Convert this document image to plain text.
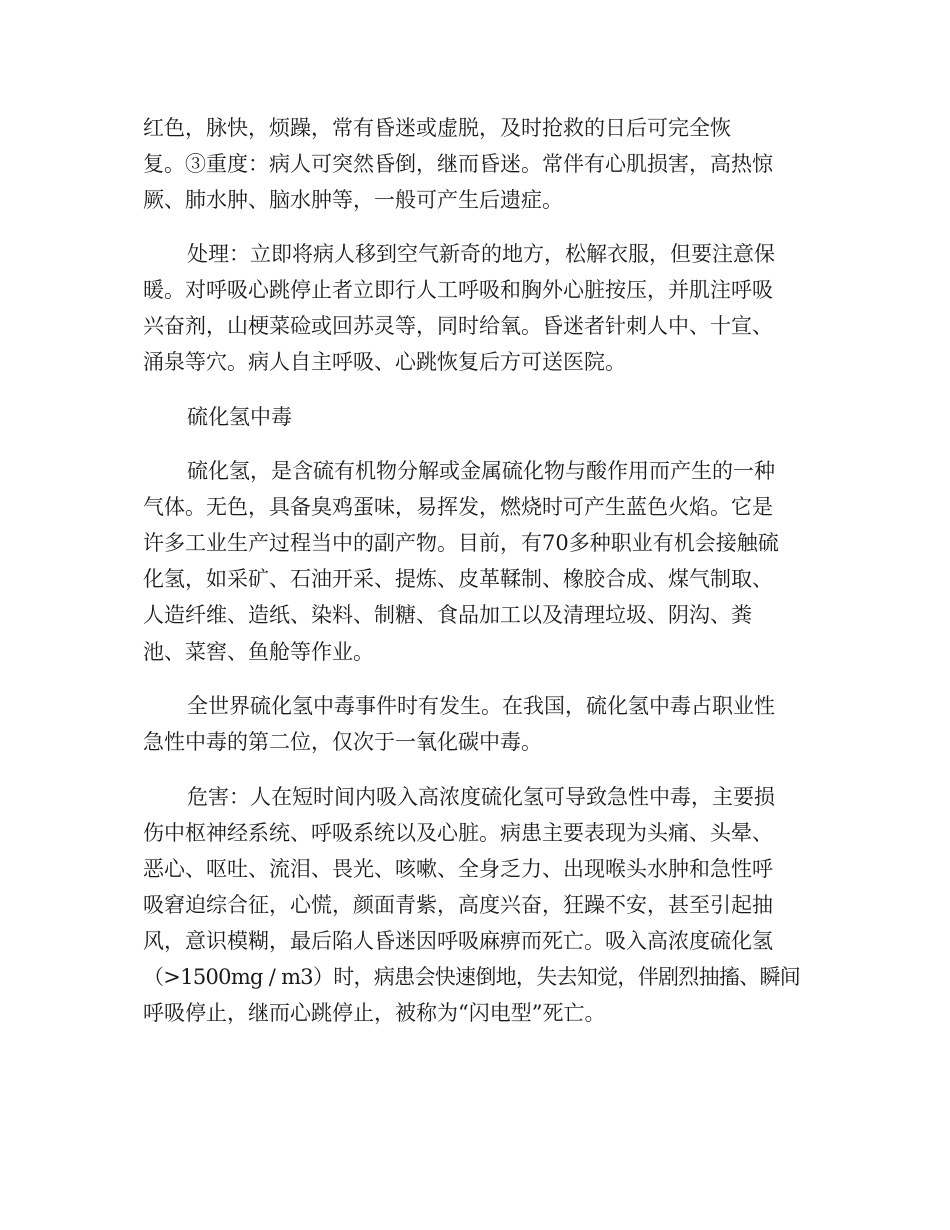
红色，脉快，烦躁，常有昏迷或虚脱，及时抢救的日后可完全恢
复。③重度：病人可突然昏倒，继而昏迷。常伴有心肌损害，高热惊
厥、肺水肿、脑水肿等，一般可产生后遗症。
处理：立即将病人移到空气新奇的地方，松解衣服，但要注意保
暖。对呼吸心跳停止者立即行人工呼吸和胸外心脏按压，并肌注呼吸
兴奋剂，山梗菜硷或回苏灵等，同时给氧。昏迷者针刺人中、十宣、
涌泉等穴。病人自主呼吸、心跳恢复后方可送医院。
硫化氢中毒
硫化氢，是含硫有机物分解或金属硫化物与酸作用而产生的一种
气体。无色，具备臭鸡蛋味，易挥发，燃烧时可产生蓝色火焰。它是
许多工业生产过程当中的副产物。目前，有70多种职业有机会接触硫
化氢，如采矿、石油开采、提炼、皮革鞣制、橡胶合成、煤气制取、
人造纤维、造纸、染料、制糖、食品加工以及清理垃圾、阴沟、粪
池、菜窖、鱼舱等作业。
全世界硫化氢中毒事件时有发生。在我国，硫化氢中毒占职业性
急性中毒的第二位，仅次于一氧化碳中毒。
危害：人在短时间内吸入高浓度硫化氢可导致急性中毒，主要损
伤中枢神经系统、呼吸系统以及心脏。病患主要表现为头痛、头晕、
恶心、呕吐、流泪、畏光、咳嗽、全身乏力、出现喉头水肿和急性呼
吸窘迫综合征，心慌，颜面青紫，高度兴奋，狂躁不安，甚至引起抽
风，意识模糊，最后陷人昏迷因呼吸麻痹而死亡。吸入高浓度硫化氢
（>1500mg / m3）时，病患会快速倒地，失去知觉，伴剧烈抽搐、瞬间
呼吸停止，继而心跳停止，被称为“闪电型”死亡。
